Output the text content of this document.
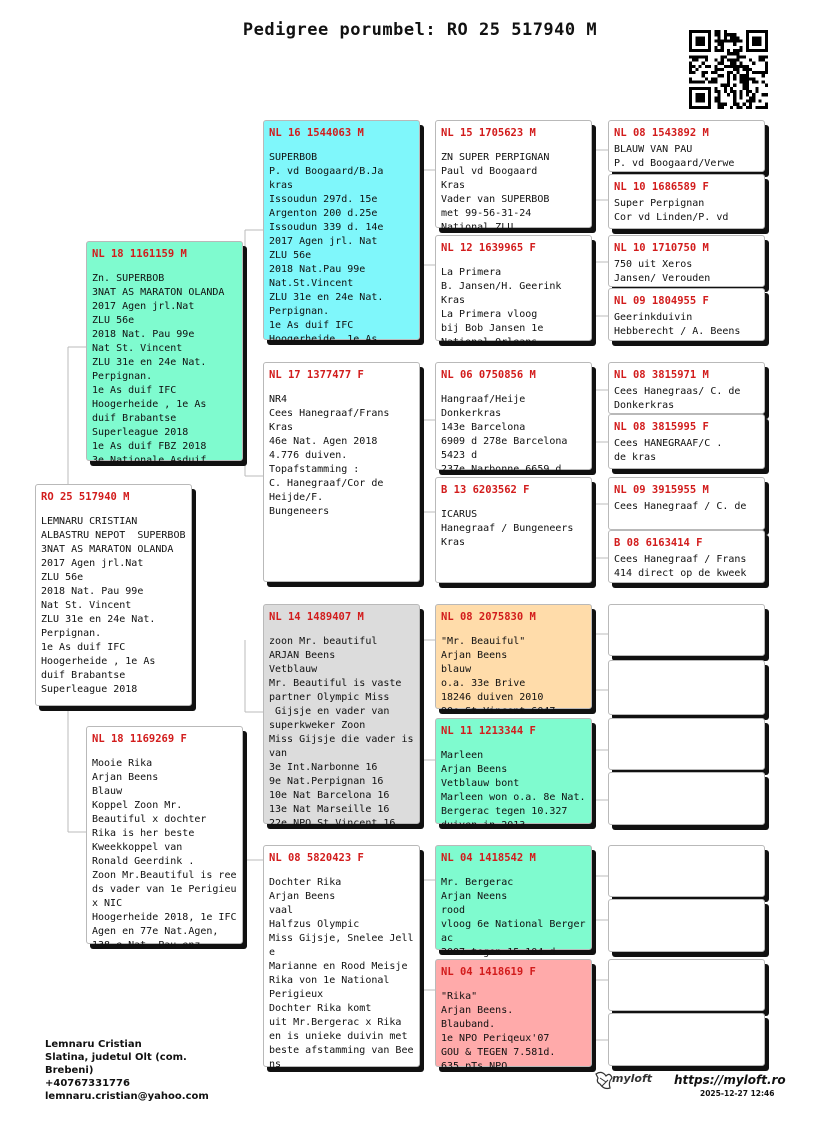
Pedigree porumbel: RO 25 517940 M
RO 25 517940 M
LEMNARU CRISTIAN
ALBASTRU NEPOT  SUPERBOB
3NAT AS MARATON OLANDA
2017 Agen jrl.Nat
ZLU 56e
2018 Nat. Pau 99e
Nat St. Vincent
ZLU 31e en 24e Nat.
Perpignan.
1e As duif IFC
Hoogerheide , 1e As
duif Brabantse
Superleague 2018
NL 18 1161159 M
Zn. SUPERBOB
3NAT AS MARATON OLANDA
2017 Agen jrl.Nat
ZLU 56e
2018 Nat. Pau 99e
Nat St. Vincent
ZLU 31e en 24e Nat.
Perpignan.
1e As duif IFC
Hoogerheide , 1e As
duif Brabantse
Superleague 2018
1e As duif FBZ 2018
3e Nationale Asduif
NL 18 1169269 F
Mooie Rika
Arjan Beens
Blauw
Koppel Zoon Mr.
Beautiful x dochter
Rika is her beste
Kweekkoppel van
Ronald Geerdink .
Zoon Mr.Beautiful is ree
ds vader van 1e Perigieu
x NIC
Hoogerheide 2018, 1e IFC
Agen en 77e Nat.Agen,
138 e Nat. Pau enz
NL 16 1544063 M
SUPERBOB
P. vd Boogaard/B.Ja
kras
Issoudun 297d. 15e
Argenton 200 d.25e
Issoudun 339 d. 14e
2017 Agen jrl. Nat
ZLU 56e
2018 Nat.Pau 99e
Nat.St.Vincent
ZLU 31e en 24e Nat.
Perpignan.
1e As duif IFC
Hoogerheide, 1e As
NL 17 1377477 F
NR4
Cees Hanegraaf/Frans
Kras
46e Nat. Agen 2018
4.776 duiven.
Topafstamming :
C. Hanegraaf/Cor de
Heijde/F.
Bungeneers
NL 14 1489407 M
zoon Mr. beautiful
ARJAN Beens
Vetblauw
Mr. Beautiful is vaste
partner Olympic Miss
Gijsje en vader van
superkweker Zoon
Miss Gijsje die vader is
van
3e Int.Narbonne 16
9e Nat.Perpignan 16
10e Nat Barcelona 16
13e Nat Marseille 16
22e NPO St Vincent 16
NL 08 5820423 F
Dochter Rika
Arjan Beens
vaal
Halfzus Olympic
Miss Gijsje, Snelee Jell
e
Marianne en Rood Meisje
Rika von 1e National
Perigieux
Dochter Rika komt
uit Mr.Bergerac x Rika
en is unieke duivin met
beste afstamming van Bee
ns
NL 15 1705623 M
ZN SUPER PERPIGNAN
Paul vd Boogaard
Kras
Vader van SUPERBOB
met 99-56-31-24
National ZLU
NL 12 1639965 F
La Primera
B. Jansen/H. Geerink
Kras
La Primera vloog
bij Bob Jansen 1e
National Orleans
NL 06 0750856 M
Hangraaf/Heije
Donkerkras
143e Barcelona
6909 d 278e Barcelona
5423 d
237e Narbonne 6659 d
B 13 6203562 F
ICARUS
Hanegraaf / Bungeneers
Kras
NL 08 2075830 M
"Mr. Beauiful"
Arjan Beens
blauw
o.a. 33e Brive
18246 duiven 2010
90e St Vincent 6047
NL 11 1213344 F
Marleen
Arjan Beens
Vetblauw bont
Marleen won o.a. 8e Nat.
Bergerac tegen 10.327
duiven in 2013
NL 04 1418542 M
Mr. Bergerac
Arjan Neens
rood
vloog 6e National Berger
ac
2007 tegen 15.104 d
NL 04 1418619 F
"Rika"
Arjan Beens.
Blauband.
1e NPO Periqeux'07
GOU & TEGEN 7.581d.
635 pTs NPO
NL 08 1543892 M
BLAUW VAN PAU
P. vd Boogaard/Verwe
NL 10 1686589 F
Super Perpignan
Cor vd Linden/P. vd
NL 10 1710750 M
750 uit Xeros
Jansen/ Verouden
NL 09 1804955 F
Geerinkduivin
Hebberecht / A. Beens
NL 08 3815971 M
Cees Hanegraas/ C. de
Donkerkras
NL 08 3815995 F
Cees HANEGRAAF/C .
de kras
NL 09 3915955 M
Cees Hanegraaf / C. de
B 08 6163414 F
Cees Hanegraaf / Frans
414 direct op de kweek
Lemnaru Cristian
Slatina, judetul Olt (com.
Brebeni)
+40767331776
lemnaru.cristian@yahoo.com
myloft https://myloft.ro
2025-12-27 12:46
